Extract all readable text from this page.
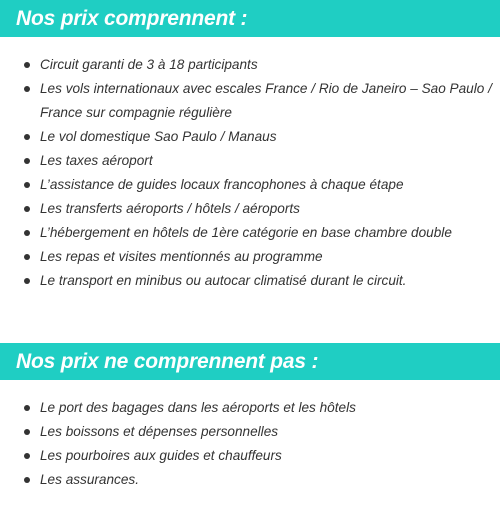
Nos prix comprennent :
Circuit garanti de 3 à 18 participants
Les vols internationaux avec escales France / Rio de Janeiro – Sao Paulo / France sur compagnie régulière
Le vol domestique Sao Paulo / Manaus
Les taxes aéroport
L’assistance de guides locaux francophones à chaque étape
Les transferts aéroports / hôtels / aéroports
L’hébergement en hôtels de 1ère catégorie en base chambre double
Les repas et visites mentionnés au programme
Le transport en minibus ou autocar climatisé durant le circuit.
Nos prix ne comprennent pas :
Le port des bagages dans les aéroports et les hôtels
Les boissons et dépenses personnelles
Les pourboires aux guides et chauffeurs
Les assurances.
